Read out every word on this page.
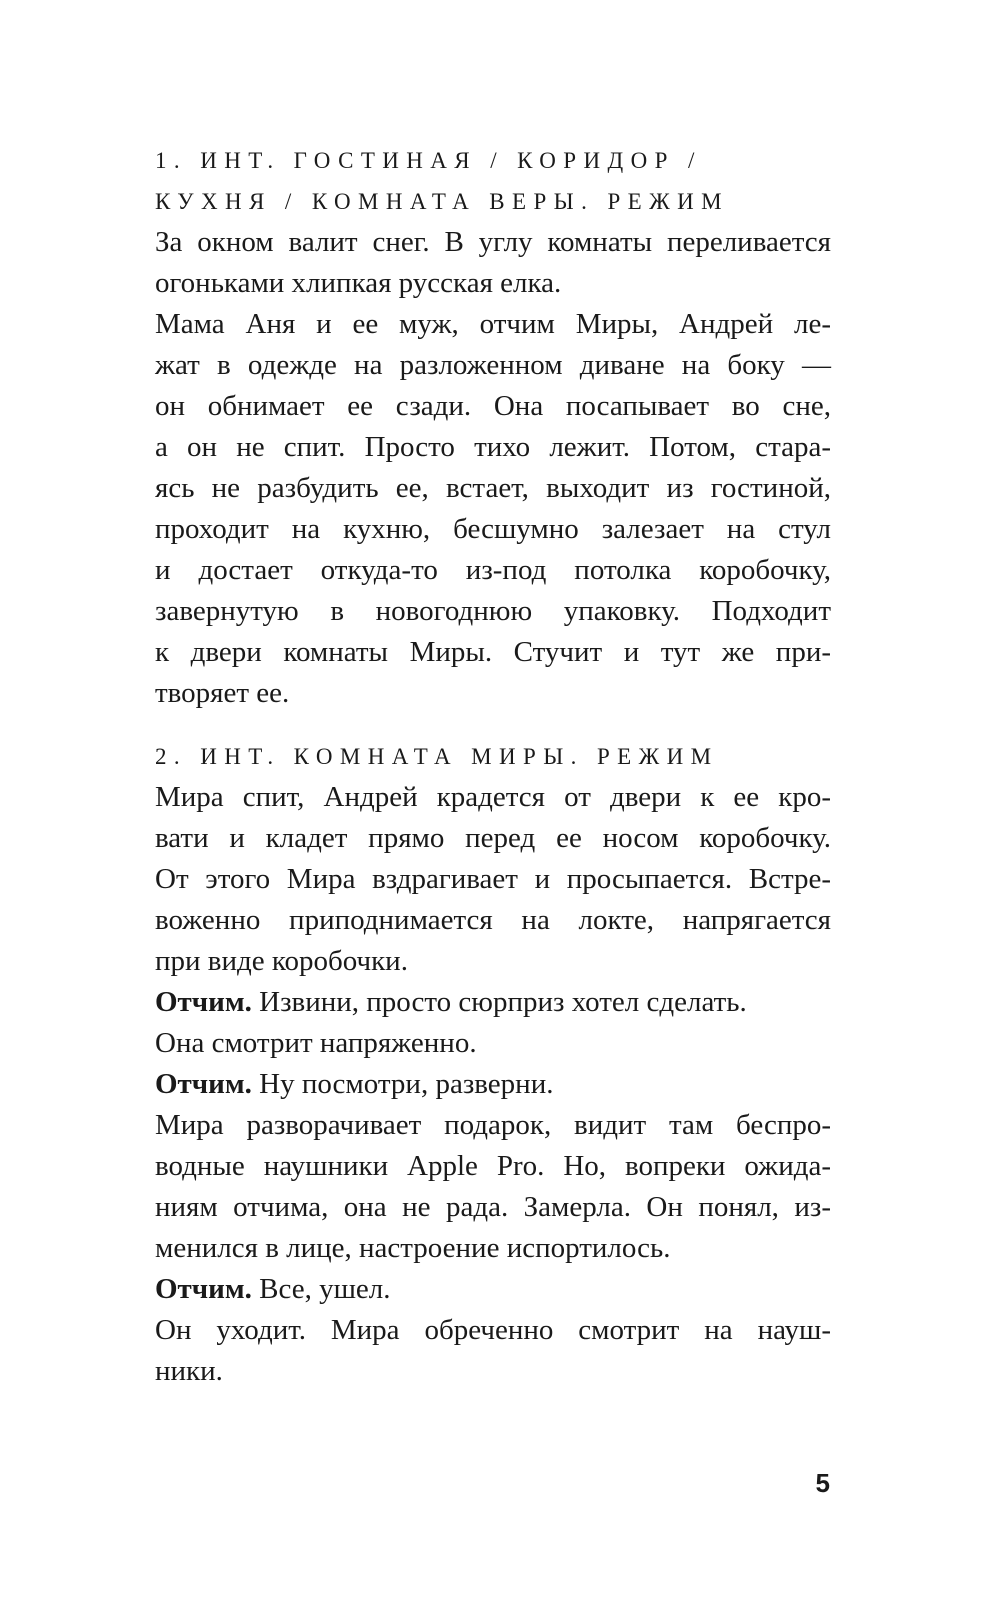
1. ИНТ. ГОСТИНАЯ / КОРИДОР /
КУХНЯ / КОМНАТА ВЕРЫ. РЕЖИМ

За окном валит снег. В углу комнаты переливается
огоньками хлипкая русская елка.

Мама Аня и ее муж, отчим Миры, Андрей ле-
жат в одежде на разложенном диване на боку —
он обнимает ее сзади. Она посапывает во сне,
а он не спит. Просто тихо лежит. Потом, стара-
ясь не разбудить ее, встает, выходит из гостиной,
проходит на кухню, бесшумно залезает на стул
и достает откуда-то из-под потолка коробочку,
завернутую в новогоднюю упаковку. Подходит
к двери комнаты Миры. Стучит и тут же при-
творяет ее.

2. ИНТ. КОМНАТА МИРЫ. РЕЖИМ

Мира спит, Андрей крадется от двери к ее кро-
вати и кладет прямо перед ее носом коробочку.
От этого Мира вздрагивает и просыпается. Встре-
воженно приподнимается на локте, напрягается
при виде коробочки.

Отчим. Извини, просто сюрприз хотел сделать.

Она смотрит напряженно.

Отчим. Ну посмотри, разверни.

Мира разворачивает подарок, видит там беспро-
водные наушники Apple Pro. Но, вопреки ожида-
ниям отчима, она не рада. Замерла. Он понял, из-
менился в лице, настроение испортилось.

Отчим. Все, ушел.

Он уходит. Мира обреченно смотрит на науш-
ники.

5
